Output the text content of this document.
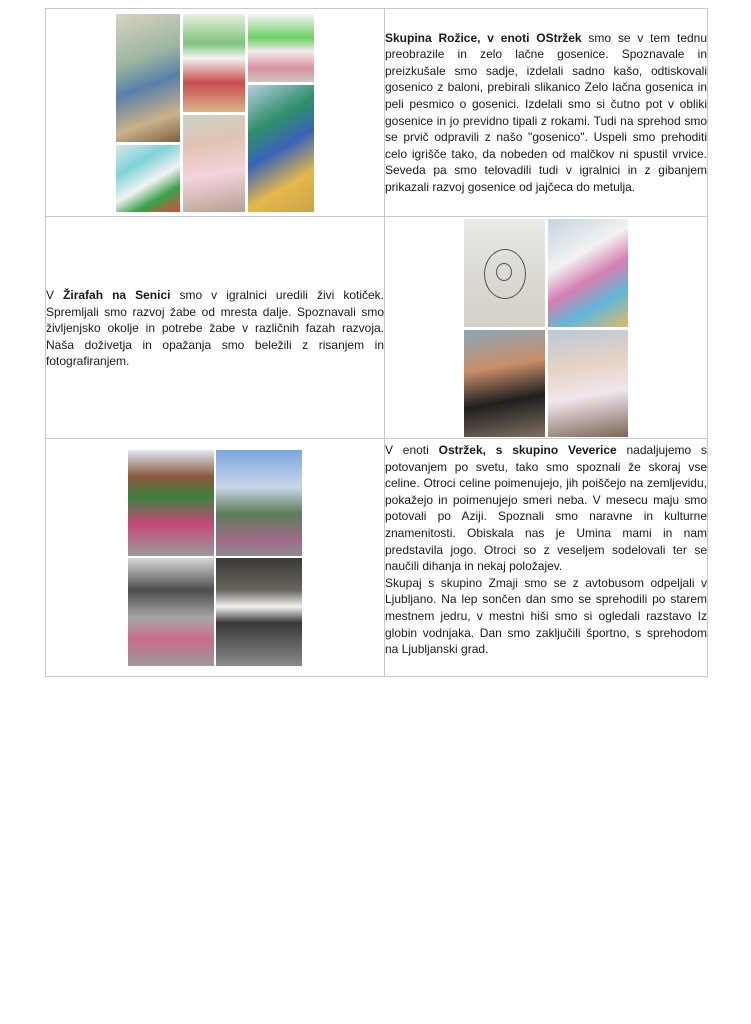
	Skupina Rožice, v enoti OStržek smo se v tem tednu preobrazile in zelo lačne gosenice. Spoznavale in preizkušale smo sadje, izdelali sadno kašo, odtiskovali gosenico z baloni, prebirali slikanico Zelo lačna gosenica in peli pesmico o gosenici. Izdelali smo si čutno pot v obliki gosenice in jo previdno tipali z rokami. Tudi na sprehod smo se prvič odpravili z našo "gosenico". Uspeli smo prehoditi celo igrišče tako, da nobeden od malčkov ni spustil vrvice. Seveda pa smo telovadili tudi v igralnici in z gibanjem prikazali razvoj gosenice od jajčeca do metulja.

V Žirafah na Senici smo v igralnici uredili živi kotiček. Spremljali smo razvoj žabe od mresta dalje. Spoznavali smo življenjsko okolje in potrebe žabe v različnih fazah razvoja. Naša doživetja in opažanja smo beležili z risanjem in fotografiranjem.	

	V enoti Ostržek, s skupino Veverice nadaljujemo s potovanjem po svetu, tako smo spoznali že skoraj vse celine. Otroci celine poimenujejo, jih poiščejo na zemljevidu, pokažejo in poimenujejo smeri neba. V mesecu maju smo potovali po Aziji. Spoznali smo naravne in kulturne znamenitosti. Obiskala nas je Umina mami in nam predstavila jogo. Otroci so z veseljem sodelovali ter se naučili dihanja in nekaj položajev.

Skupaj s skupino Zmaji smo se z avtobusom odpeljali v Ljubljano. Na lep sončen dan smo se sprehodili po starem mestnem jedru, v mestni hiši smo si ogledali razstavo Iz globin vodnjaka. Dan smo zaključili športno, s sprehodom na Ljubljanski grad.
